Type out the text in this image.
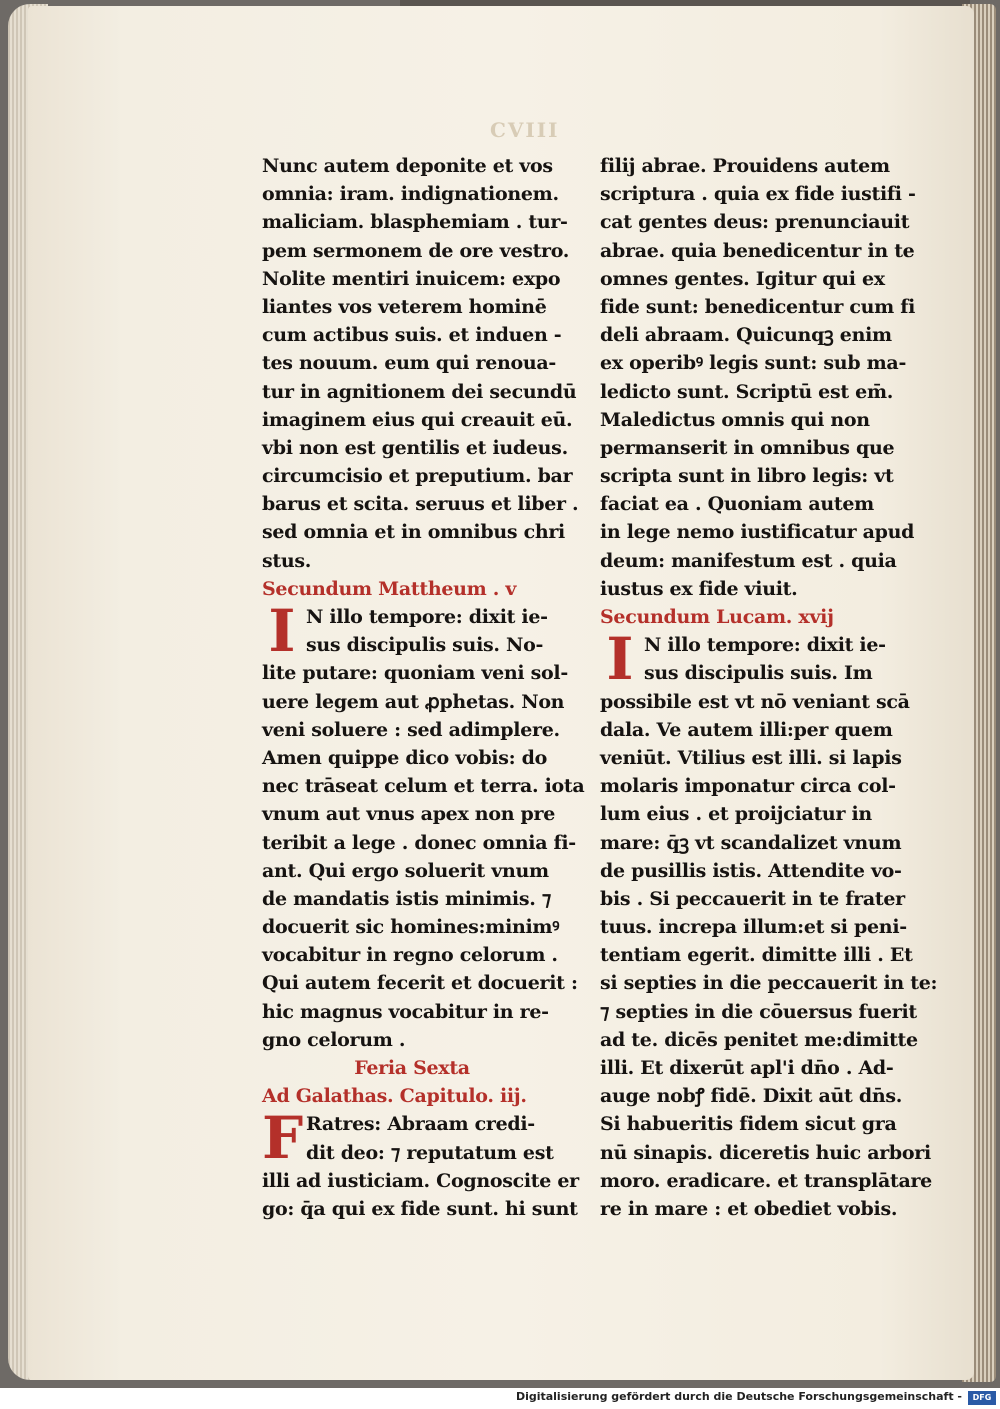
CVIII
Nunc autem deponite et vos
omnia: iram. indignationem.
maliciam. blasphemiam . tur-
pem sermonem de ore vestro.
Nolite mentiri inuicem: expo
liantes vos veterem hominē
cum actibus suis. et induen -
tes nouum. eum qui renoua-
tur in agnitionem dei secundū
imaginem eius qui creauit eū.
vbi non est gentilis et iudeus.
circumcisio et preputium. bar
barus et scita. seruus et liber .
sed omnia et in omnibus chri
stus.
Secundum Mattheum . v
I N illo tempore: dixit ie-
sus discipulis suis. No-
lite putare: quoniam veni sol-
uere legem aut ꝓphetas. Non
veni soluere : sed adimplere.
Amen quippe dico vobis: do
nec trāseat celum et terra. iota
vnum aut vnus apex non pre
teribit a lege . donec omnia fi-
ant. Qui ergo soluerit vnum
de mandatis istis minimis. ⁊
docuerit sic homines:minimꝰ
vocabitur in regno celorum .
Qui autem fecerit et docuerit :
hic magnus vocabitur in re-
gno celorum .
Feria Sexta
Ad Galathas. Capitulo. iij.
F Ratres: Abraam credi-
dit deo: ⁊ reputatum est
illi ad iusticiam. Cognoscite er
go: q̄a qui ex fide sunt. hi sunt
filij abrae. Prouidens autem
scriptura . quia ex fide iustifi -
cat gentes deus: prenunciauit
abrae. quia benedicentur in te
omnes gentes. Igitur qui ex
fide sunt: benedicentur cum fi
deli abraam. Quicunqꝫ enim
ex operibꝰ legis sunt: sub ma-
ledicto sunt. Scriptū est em̄.
Maledictus omnis qui non
permanserit in omnibus que
scripta sunt in libro legis: vt
faciat ea . Quoniam autem
in lege nemo iustificatur apud
deum: manifestum est . quia
iustus ex fide viuit.
Secundum Lucam. xvij
I N illo tempore: dixit ie-
sus discipulis suis. Im
possibile est vt nō veniant scā
dala. Ve autem illi:per quem
veniūt. Vtilius est illi. si lapis
molaris imponatur circa col-
lum eius . et proijciatur in
mare: q̄ꝫ vt scandalizet vnum
de pusillis istis. Attendite vo-
bis . Si peccauerit in te frater
tuus. increpa illum:et si peni-
tentiam egerit. dimitte illi . Et
si septies in die peccauerit in te:
⁊ septies in die cōuersus fuerit
ad te. dicēs penitet me:dimitte
illi. Et dixerūt apl'i dn̄o . Ad-
auge nobꝭ fidē. Dixit aūt dn̄s.
Si habueritis fidem sicut gra
nū sinapis. diceretis huic arbori
moro. eradicare. et transplātare
re in mare : et obediet vobis.
Digitalisierung gefördert durch die Deutsche Forschungsgemeinschaft -	DFG
